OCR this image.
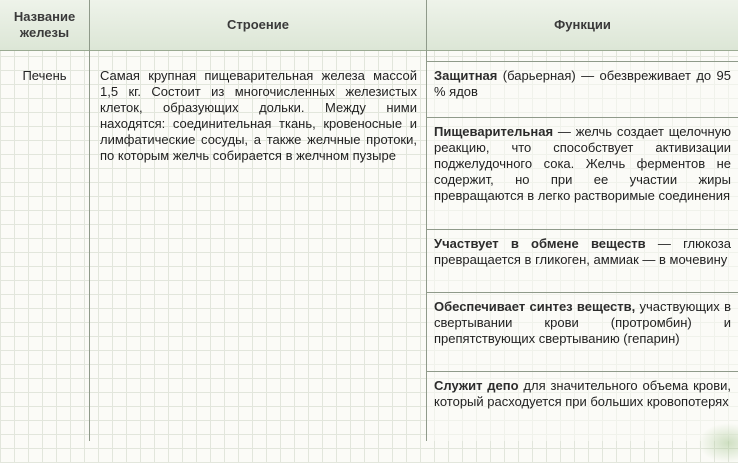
Название железы
Строение	Функции
Печень	Самая крупная пищеварительная железа массой 1,5 кг. Состоит из многочисленных железистых клеток, образующих дольки. Между ними находятся: соединительная ткань, кровеносные и лимфатические сосуды, а также желчные протоки, по которым желчь собирается в желчном пузыре
Защитная (барьерная) — обезвреживает до 95 % ядов
Пищеварительная — желчь создает щелочную реакцию, что способствует активизации поджелудочного сока. Желчь ферментов не содержит, но при ее участии жиры превращаются в легко растворимые соединения
Участвует в обмене веществ — глюкоза превращается в гликоген, аммиак — в мочевину
Обеспечивает синтез веществ, участвующих в свертывании крови (протромбин) и препятствующих свертыванию (гепарин)
Служит депо для значительного объема крови, который расходуется при больших кровопотерях
